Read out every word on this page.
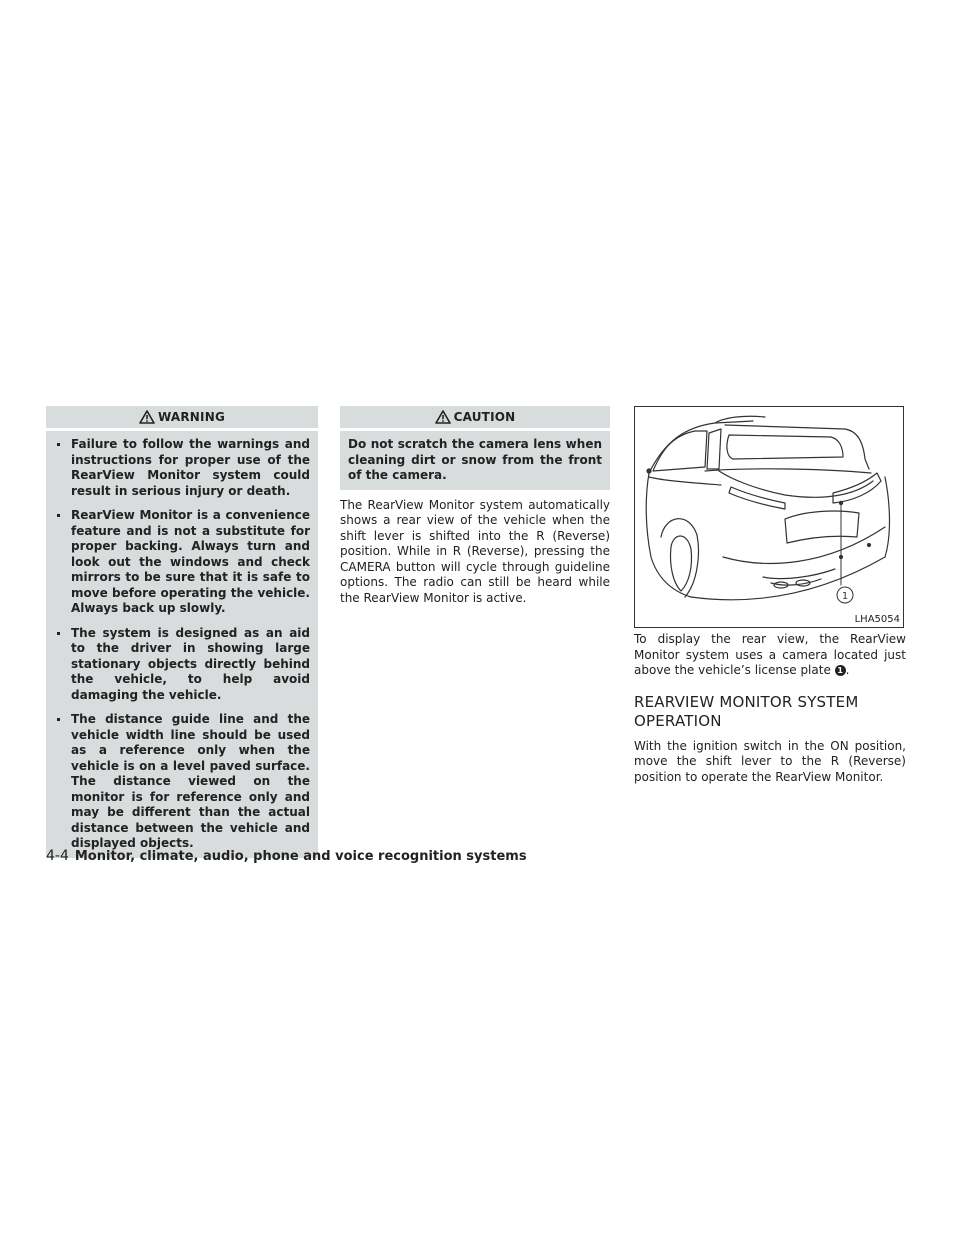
WARNING
Failure to follow the warnings and instructions for proper use of the RearView Monitor system could result in serious injury or death.
RearView Monitor is a convenience feature and is not a substitute for proper backing. Always turn and look out the windows and check mirrors to be sure that it is safe to move before operating the vehicle. Always back up slowly.
The system is designed as an aid to the driver in showing large stationary objects directly behind the vehicle, to help avoid damaging the vehicle.
The distance guide line and the vehicle width line should be used as a reference only when the vehicle is on a level paved surface. The distance viewed on the monitor is for reference only and may be different than the actual distance between the vehicle and displayed objects.
CAUTION
Do not scratch the camera lens when cleaning dirt or snow from the front of the camera.

The RearView Monitor system automatically shows a rear view of the vehicle when the shift lever is shifted into the R (Reverse) position. While in R (Reverse), pressing the CAMERA button will cycle through guideline options. The radio can still be heard while the RearView Monitor is active.	1
LHA5054

To display the rear view, the RearView Monitor system uses a camera located just above the vehicle’s license plate 1 .

REARVIEW MONITOR SYSTEM
OPERATION

With the ignition switch in the ON position, move the shift lever to the R (Reverse) position to operate the RearView Monitor.

4-4 Monitor, climate, audio, phone and voice recognition systems
